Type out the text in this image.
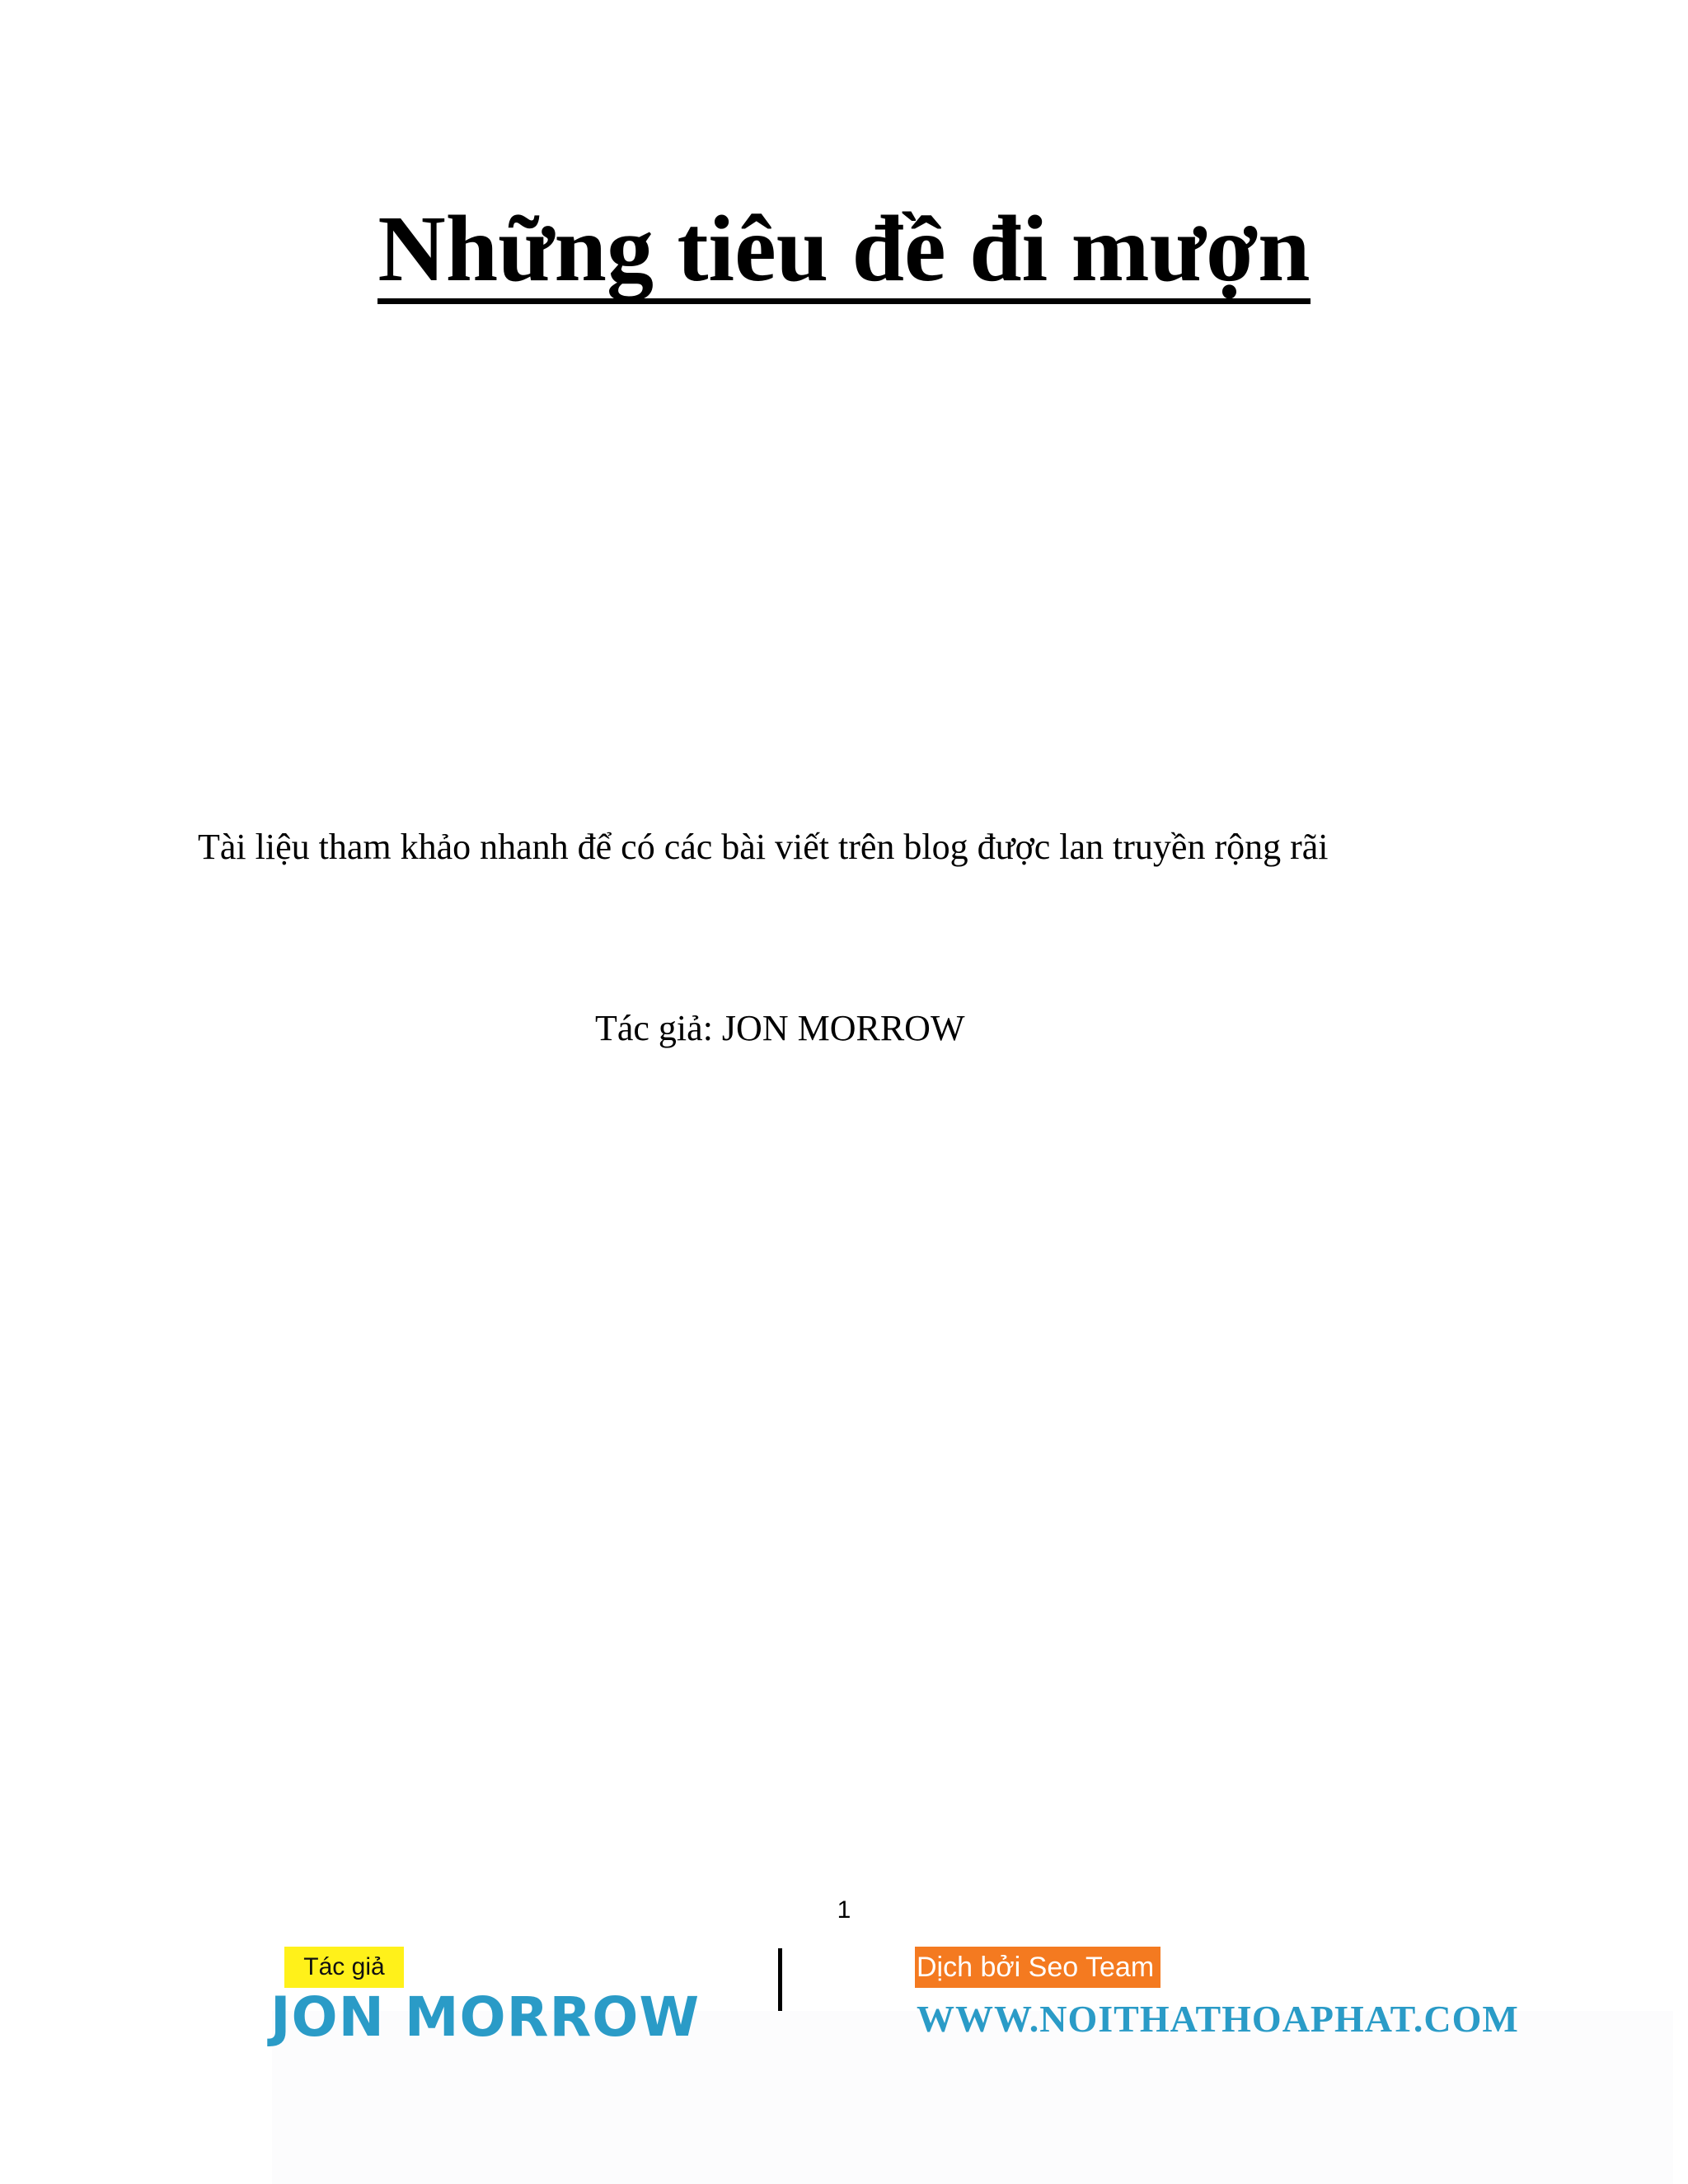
Những tiêu đề đi mượn
Tài liệu tham khảo nhanh để có các bài viết trên blog được lan truyền rộng rãi
Tác giả: JON MORROW
1
Tác giả
JON MORROW
Dịch bởi Seo Team
WWW.NOITHATHOAPHAT.COM
